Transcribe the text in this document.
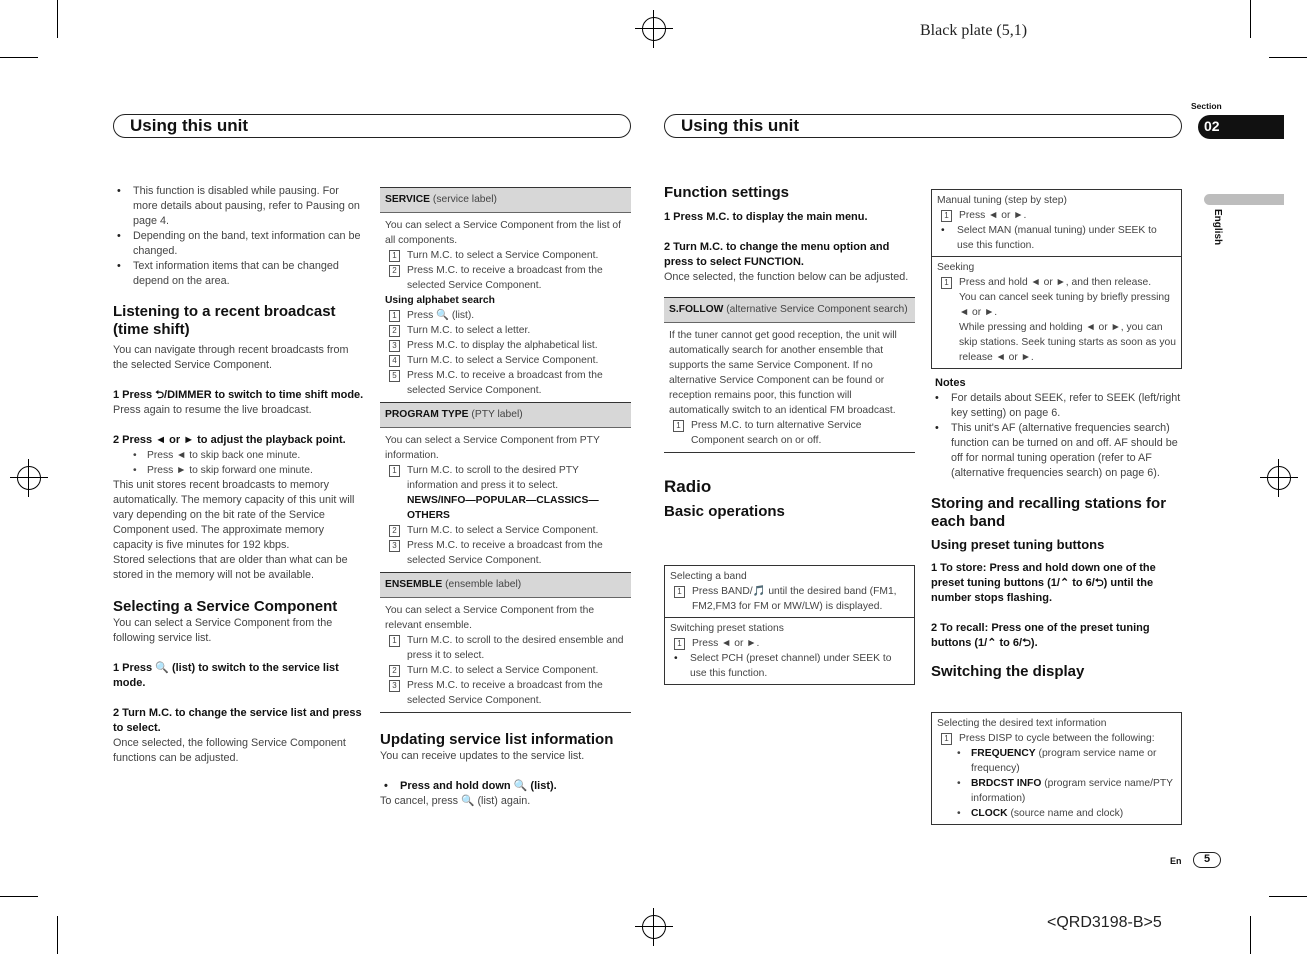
Black plate (5,1)
Using this unit	Using this unit
Section
02
English

• This function is disabled while pausing. For more details about pausing, refer to Pausing on page 4.

• Depending on the band, text information can be changed.

• Text information items that can be changed depend on the area.

Listening to a recent broadcast (time shift)

You can navigate through recent broadcasts from the selected Service Component.

1 Press ⮌/DIMMER to switch to time shift mode.

Press again to resume the live broadcast.

2 Press ◄ or ► to adjust the playback point.

• Press ◄ to skip back one minute.

• Press ► to skip forward one minute.

This unit stores recent broadcasts to memory automatically. The memory capacity of this unit will vary depending on the bit rate of the Service Component used. The approximate memory capacity is five minutes for 192 kbps.

Stored selections that are older than what can be stored in the memory will not be available.

Selecting a Service Component

You can select a Service Component from the following service list.

1 Press 🔍 (list) to switch to the service list mode.

2 Turn M.C. to change the service list and press to select.

Once selected, the following Service Component functions can be adjusted.

SERVICE (service label)

You can select a Service Component from the list of all components.

1 Turn M.C. to select a Service Component.

2 Press M.C. to receive a broadcast from the selected Service Component.

Using alphabet search

1 Press 🔍 (list).

2 Turn M.C. to select a letter.

3 Press M.C. to display the alphabetical list.

4 Turn M.C. to select a Service Component.

5 Press M.C. to receive a broadcast from the selected Service Component.

PROGRAM TYPE (PTY label)

You can select a Service Component from PTY information.

1 Turn M.C. to scroll to the desired PTY information and press it to select.

NEWS/INFO—POPULAR—CLASSICS—OTHERS

2 Turn M.C. to select a Service Component.

3 Press M.C. to receive a broadcast from the selected Service Component.

ENSEMBLE (ensemble label)

You can select a Service Component from the relevant ensemble.

1 Turn M.C. to scroll to the desired ensemble and press it to select.

2 Turn M.C. to select a Service Component.

3 Press M.C. to receive a broadcast from the selected Service Component.

Updating service list information

You can receive updates to the service list.

• Press and hold down 🔍 (list).

To cancel, press 🔍 (list) again.

Function settings

1 Press M.C. to display the main menu.

2 Turn M.C. to change the menu option and press to select FUNCTION.

Once selected, the function below can be adjusted.

S.FOLLOW (alternative Service Component search)

If the tuner cannot get good reception, the unit will automatically search for another ensemble that supports the same Service Component. If no alternative Service Component can be found or reception remains poor, this function will automatically switch to an identical FM broadcast.

1 Press M.C. to turn alternative Service Component search on or off.

Radio

Basic operations

Selecting a band

1 Press BAND/🎵 until the desired band (FM1, FM2,FM3 for FM or MW/LW) is displayed.

Switching preset stations

1 Press ◄ or ►.

• Select PCH (preset channel) under SEEK to use this function.

Manual tuning (step by step)

1 Press ◄ or ►.

• Select MAN (manual tuning) under SEEK to use this function.

Seeking

1 Press and hold ◄ or ►, and then release.

You can cancel seek tuning by briefly pressing ◄ or ►.

While pressing and holding ◄ or ►, you can skip stations. Seek tuning starts as soon as you release ◄ or ►.

Notes

• For details about SEEK, refer to SEEK (left/right key setting) on page 6.

• This unit's AF (alternative frequencies search) function can be turned on and off. AF should be off for normal tuning operation (refer to AF (alternative frequencies search) on page 6).

Storing and recalling stations for each band

Using preset tuning buttons

1 To store: Press and hold down one of the preset tuning buttons (1/⌃ to 6/⮌) until the number stops flashing.

2 To recall: Press one of the preset tuning buttons (1/⌃ to 6/⮌).

Switching the display

Selecting the desired text information

1 Press DISP to cycle between the following:

• FREQUENCY (program service name or frequency)

• BRDCST INFO (program service name/PTY information)

• CLOCK (source name and clock)

En	5
<QRD3198-B>5
